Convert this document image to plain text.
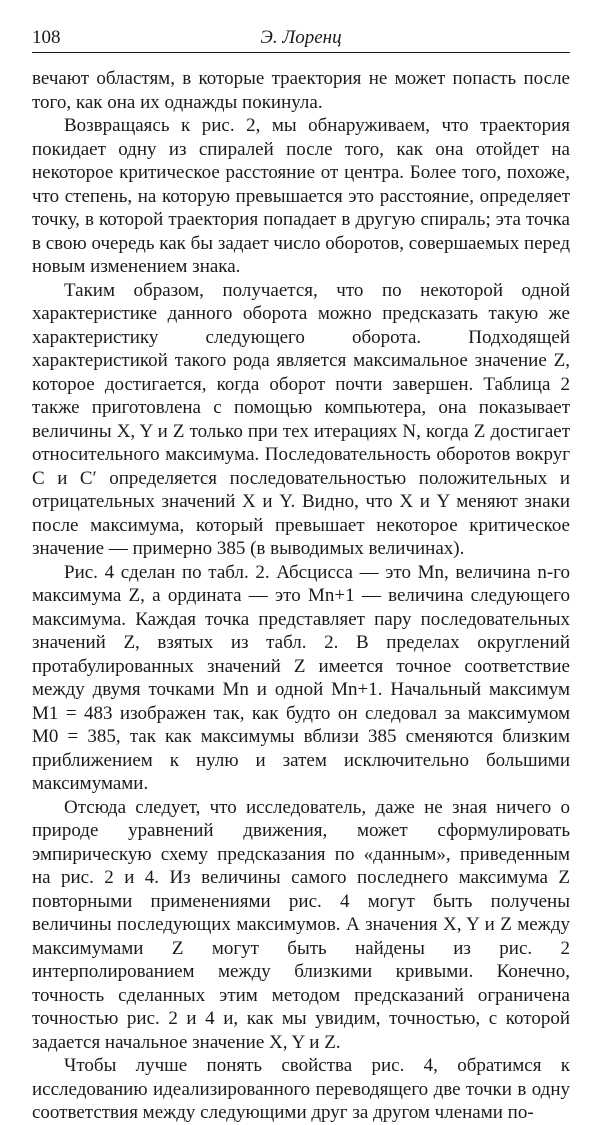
108	Э. Лоренц

вечают областям, в которые траектория не может попасть после того, как она их однажды покинула.

Возвращаясь к рис. 2, мы обнаруживаем, что траектория покидает одну из спиралей после того, как она отойдет на некоторое критическое расстояние от центра. Более того, похоже, что степень, на которую превышается это расстояние, определяет точку, в которой траектория попадает в другую спираль; эта точка в свою очередь как бы задает число оборотов, совершаемых перед новым изменением знака.

Таким образом, получается, что по некоторой одной характеристике данного оборота можно предсказать такую же характеристику следующего оборота. Подходящей характеристикой такого рода является максимальное значение Z, которое достигается, когда оборот почти завершен. Таблица 2 также приготовлена с помощью компьютера, она показывает величины X, Y и Z только при тех итерациях N, когда Z достигает относительного максимума. Последовательность оборотов вокруг C и C′ определяется последовательностью положительных и отрицательных значений X и Y. Видно, что X и Y меняют знаки после максимума, который превышает некоторое критическое значение — примерно 385 (в выводимых величинах).

Рис. 4 сделан по табл. 2. Абсцисса — это Mn, величина n-го максимума Z, а ордината — это Mn+1 — величина следующего максимума. Каждая точка представляет пару последовательных значений Z, взятых из табл. 2. В пределах округлений протабулированных значений Z имеется точное соответствие между двумя точками Mn и одной Mn+1. Начальный максимум M1 = 483 изображен так, как будто он следовал за максимумом M0 = 385, так как максимумы вблизи 385 сменяются близким приближением к нулю и затем исключительно большими максимумами.

Отсюда следует, что исследователь, даже не зная ничего о природе уравнений движения, может сформулировать эмпирическую схему предсказания по «данным», приведенным на рис. 2 и 4. Из величины самого последнего максимума Z повторными применениями рис. 4 могут быть получены величины последующих максимумов. А значения X, Y и Z между максимумами Z могут быть найдены из рис. 2 интерполированием между близкими кривыми. Конечно, точность сделанных этим методом предсказаний ограничена точностью рис. 2 и 4 и, как мы увидим, точностью, с которой задается начальное значение X, Y и Z.

Чтобы лучше понять свойства рис. 4, обратимся к исследованию идеализированного переводящего две точки в одну соответствия между следующими друг за другом членами по-
